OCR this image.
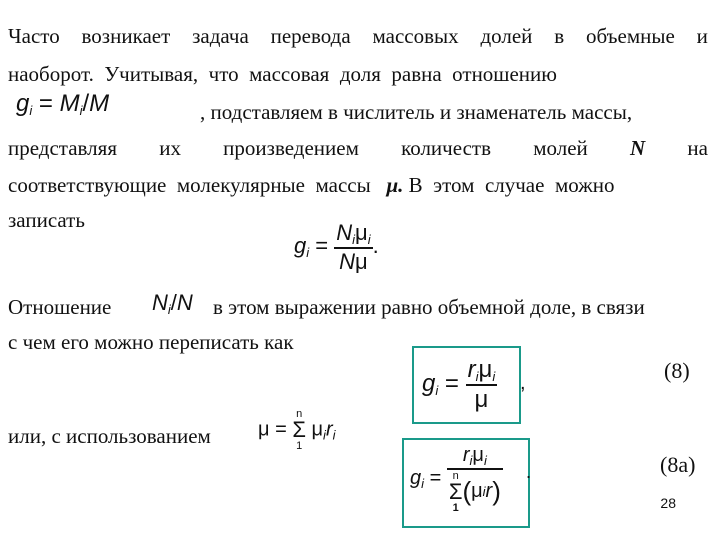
Часто возникает задача перевода массовых долей в объемные и
наоборот.  Учитывая,  что  массовая  доля  равна  отношению
$g_i = M_i/M$	, подставляем в числитель и знаменатель массы,
представляя их произведением количеств молей N на
соответствующие  молекулярные  массы μ. В  этом  случае  можно
записать
$g_i = \frac{N_i\mu_i}{N\mu}$ .
Отношение	$N_i/N$ в этом выражении равно объемной доле, в связи
с чем его можно переписать как
$g_i = \frac{r_i\mu_i}{\mu}$ ,	(8)
или, с использованием	μ =
n
Σ
1
$\mu_ir_i$
$g_i = r_i\mu_i$
n
Σ
1
( μ i r ) .	(8а)
28
